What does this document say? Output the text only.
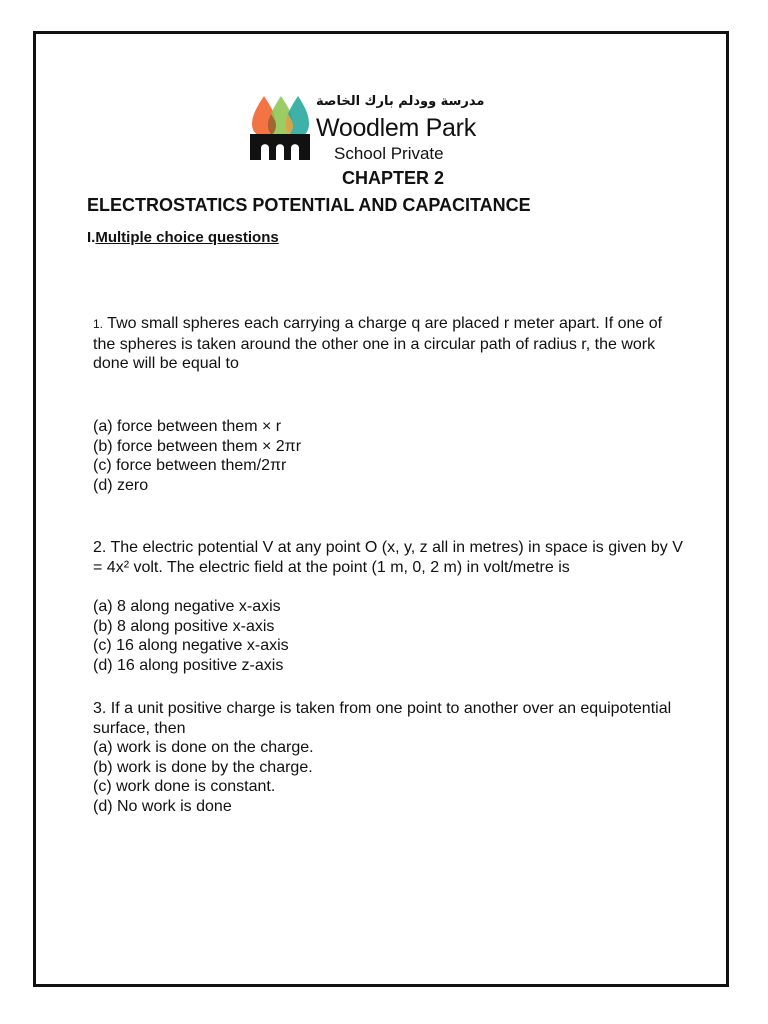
مدرسة وودلم بارك الخاصة
Woodlem Park
School Private
CHAPTER 2
ELECTROSTATICS POTENTIAL AND CAPACITANCE
I.Multiple choice questions

1. Two small spheres each carrying a charge q are placed r meter apart. If one of the spheres is taken around the other one in a circular path of radius r, the work done will be equal to

(a) force between them × r
(b) force between them × 2πr
(c) force between them/2πr
(d) zero

2. The electric potential V at any point O (x, y, z all in metres) in space is given by V = 4x² volt. The electric field at the point (1 m, 0, 2 m) in volt/metre is

(a) 8 along negative x-axis
(b) 8 along positive x-axis
(c) 16 along negative x-axis
(d) 16 along positive z-axis

3. If a unit positive charge is taken from one point to another over an equipotential surface, then

(a) work is done on the charge.
(b) work is done by the charge.
(c) work done is constant.
(d) No work is done
